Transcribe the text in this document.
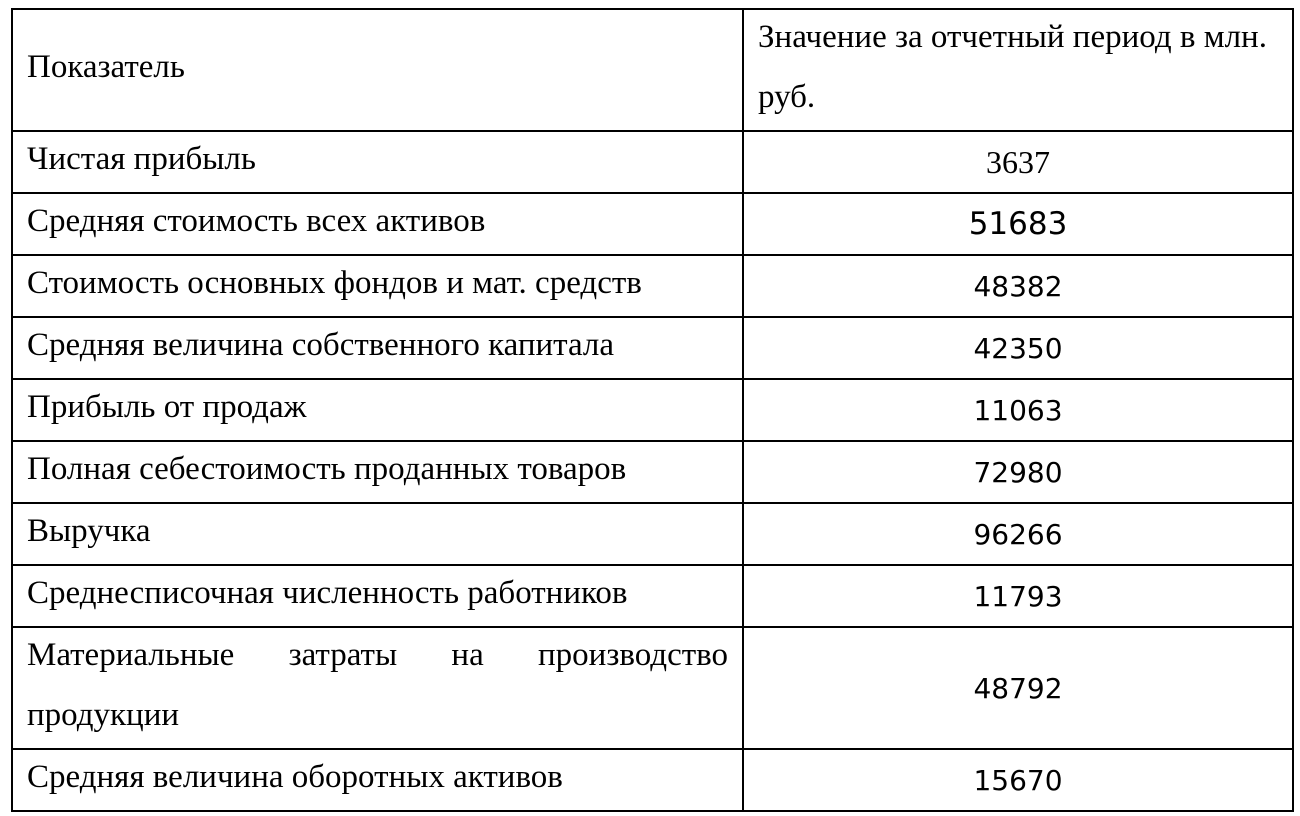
Показатель	Значение за отчетный период в млн. руб.

Чистая прибыль	3637

Средняя стоимость всех активов	51683

Стоимость основных фондов и мат. средств	48382

Средняя величина собственного капитала	42350

Прибыль от продаж	11063

Полная себестоимость проданных товаров	72980

Выручка	96266

Среднесписочная численность работников	11793

Материальные затраты на производство продукции	48792

Средняя величина оборотных активов	15670
